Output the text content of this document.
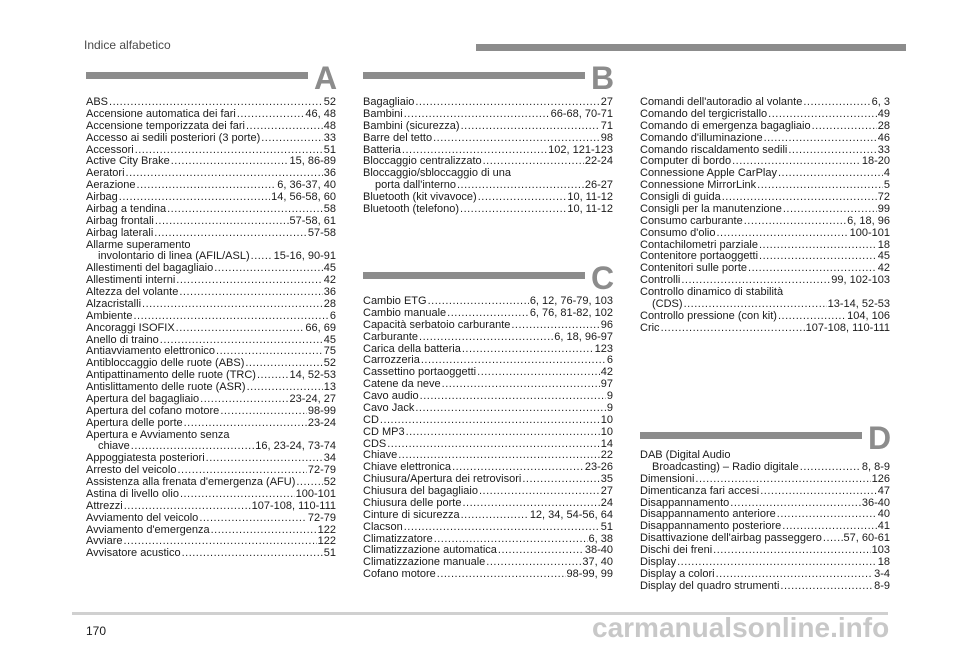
Indice alfabetico
A
ABS .....	52
Accensione automatica dei fari .....	46, 48
Accensione temporizzata dei fari .....	48
Accesso ai sedili posteriori (3 porte) .....	33
Accessori .....	51
Active City Brake .....	15, 86-89
Aeratori .....	36
Aerazione .....	6, 36-37, 40
Airbag .....	14, 56-58, 60
Airbag a tendina .....	58
Airbag frontali .....	57-58, 61
Airbag laterali .....	57-58
Allarme superamento
involontario di linea (AFIL/ASL) ..... 15-16, 90-91
Allestimenti del bagagliaio .....	45
Allestimenti interni .....	42
Altezza del volante .....	36
Alzacristalli .....	28
Ambiente .....	6
Ancoraggi ISOFIX .....	66, 69
Anello di traino .....	45
Antiavviamento elettronico .....	75
Antibloccaggio delle ruote (ABS) .....	52
Antipattinamento delle ruote (TRC) .....	14, 52-53
Antislittamento delle ruote (ASR) .....	13
Apertura del bagagliaio .....	23-24, 27
Apertura del cofano motore .....	98-99
Apertura delle porte .....	23-24
Apertura e Avviamento senza
chiave .....	16, 23-24, 73-74
Appoggiatesta posteriori .....	34
Arresto del veicolo .....	72-79
Assistenza alla frenata d'emergenza (AFU) .....	52
Astina di livello olio .....	100-101
Attrezzi .....	107-108, 110-111
Avviamento del veicolo .....	72-79
Avviamento d'emergenza .....	122
Avviare .....	122
Avvisatore acustico .....	51
B
Bagagliaio .....	27
Bambini .....	66-68, 70-71
Bambini (sicurezza) .....	71
Barre del tetto .....	98
Batteria .....	102, 121-123
Bloccaggio centralizzato .....	22-24
Bloccaggio/sbloccaggio di una
porta dall'interno .....	26-27
Bluetooth (kit vivavoce) .....	10, 11-12
Bluetooth (telefono) .....	10, 11-12
C
Cambio ETG .....	6, 12, 76-79, 103
Cambio manuale .....	6, 76, 81-82, 102
Capacità serbatoio carburante .....	96
Carburante .....	6, 18, 96-97
Carica della batteria .....	123
Carrozzeria .....	6
Cassettino portaoggetti .....	42
Catene da neve .....	97
Cavo audio .....	9
Cavo Jack .....	9
CD .....	10
CD MP3 .....	10
CDS .....	14
Chiave .....	22
Chiave elettronica .....	23-26
Chiusura/Apertura dei retrovisori .....	35
Chiusura del bagagliaio .....	27
Chiusura delle porte .....	24
Cinture di sicurezza .....	12, 34, 54-56, 64
Clacson .....	51
Climatizzatore .....	6, 38
Climatizzazione automatica .....	38-40
Climatizzazione manuale .....	37, 40
Cofano motore .....	98-99, 99
Comandi dell'autoradio al volante .....	6, 3
Comando del tergicristallo .....	49
Comando di emergenza bagagliaio .....	28
Comando d'illuminazione .....	46
Comando riscaldamento sedili .....	33
Computer di bordo .....	18-20
Connessione Apple CarPlay .....	4
Connessione MirrorLink .....	5
Consigli di guida .....	72
Consigli per la manutenzione .....	99
Consumo carburante .....	6, 18, 96
Consumo d'olio .....	100-101
Contachilometri parziale .....	18
Contenitore portaoggetti .....	45
Contenitori sulle porte .....	42
Controlli .....	99, 102-103
Controllo dinamico di stabilità
(CDS) .....	13-14, 52-53
Controllo pressione (con kit) .....	104, 106
Cric .....	107-108, 110-111
D
DAB (Digital Audio
Broadcasting) – Radio digitale .....	8, 8-9
Dimensioni .....	126
Dimenticanza fari accesi .....	47
Disappannamento .....	36-40
Disappannamento anteriore .....	40
Disappannamento posteriore .....	41
Disattivazione dell'airbag passeggero ..... 57, 60-61
Dischi dei freni .....	103
Display .....	18
Display a colori .....	3-4
Display del quadro strumenti .....	8-9
170	carmanualsonline.info
